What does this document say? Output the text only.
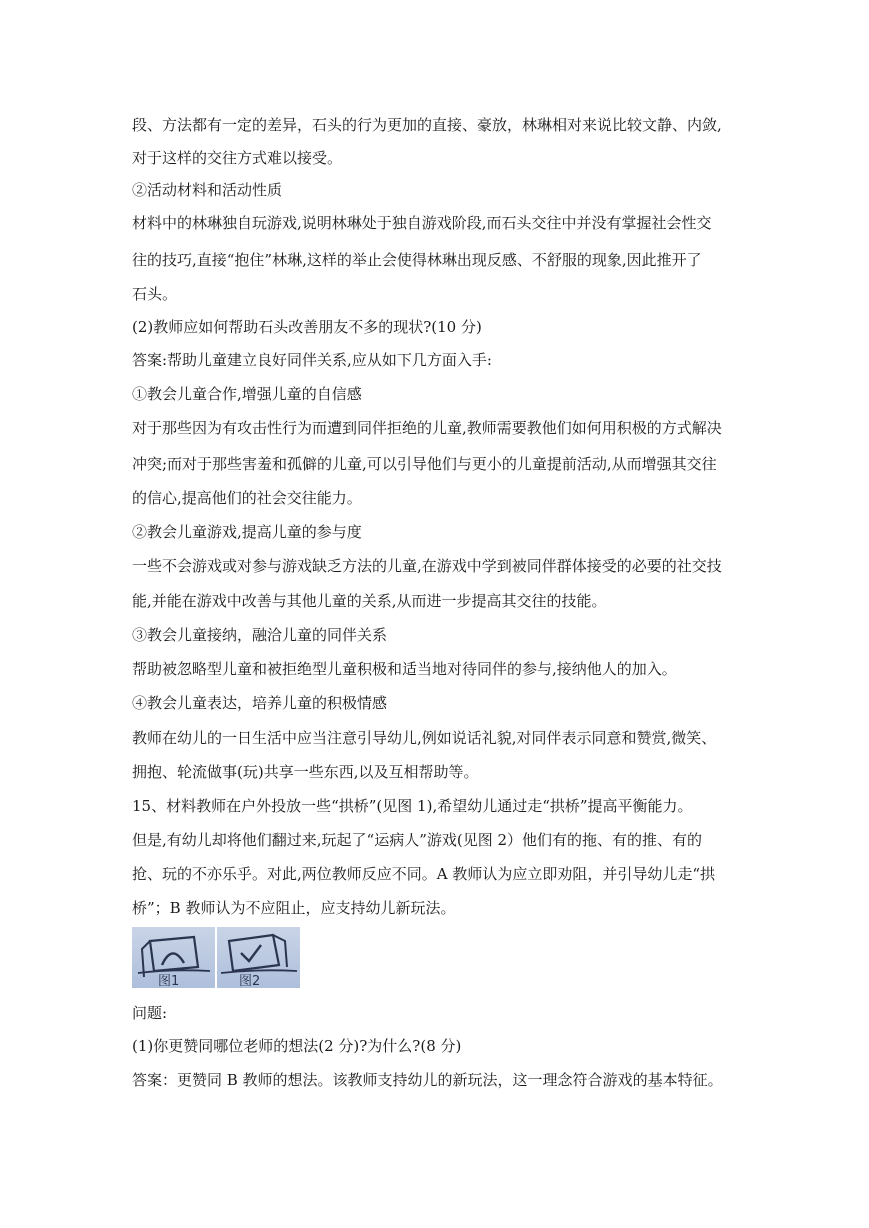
段、方法都有一定的差异，石头的行为更加的直接、豪放，林琳相对来说比较文静、内敛,
对于这样的交往方式难以接受。
②活动材料和活动性质
材料中的林琳独自玩游戏,说明林琳处于独自游戏阶段,而石头交往中并没有掌握社会性交
往的技巧,直接“抱住”林琳,这样的举止会使得林琳出现反感、不舒服的现象,因此推开了
石头。
(2)教师应如何帮助石头改善朋友不多的现状?(10 分)
答案:帮助儿童建立良好同伴关系,应从如下几方面入手:
①教会儿童合作,增强儿童的自信感
对于那些因为有攻击性行为而遭到同伴拒绝的儿童,教师需要教他们如何用积极的方式解决
冲突;而对于那些害羞和孤僻的儿童,可以引导他们与更小的儿童提前活动,从而增强其交往
的信心,提高他们的社会交往能力。
②教会儿童游戏,提高儿童的参与度
一些不会游戏或对参与游戏缺乏方法的儿童,在游戏中学到被同伴群体接受的必要的社交技
能,并能在游戏中改善与其他儿童的关系,从而进一步提高其交往的技能。
③教会儿童接纳，融洽儿童的同伴关系
帮助被忽略型儿童和被拒绝型儿童积极和适当地对待同伴的参与,接纳他人的加入。
④教会儿童表达，培养儿童的积极情感
教师在幼儿的一日生活中应当注意引导幼儿,例如说话礼貌,对同伴表示同意和赞赏,微笑、
拥抱、轮流做事(玩)共享一些东西,以及互相帮助等。
15、材料教师在户外投放一些“拱桥”(见图 1),希望幼儿通过走“拱桥”提高平衡能力。
但是,有幼儿却将他们翻过来,玩起了“运病人”游戏(见图 2）他们有的拖、有的推、有的
抢、玩的不亦乐乎。对此,两位教师反应不同。A 教师认为应立即劝阻，并引导幼儿走“拱
桥”；B 教师认为不应阻止，应支持幼儿新玩法。
图1	图2
问题:
(1)你更赞同哪位老师的想法(2 分)?为什么?(8 分)
答案：更赞同 B 教师的想法。该教师支持幼儿的新玩法，这一理念符合游戏的基本特征。
